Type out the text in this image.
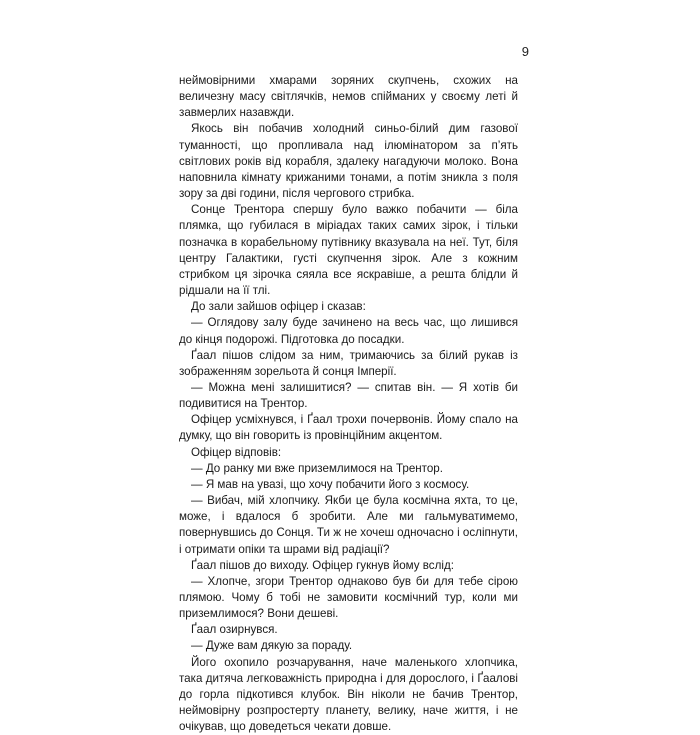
9

неймовірними хмарами зоряних скупчень, схожих на величезну масу світлячків, немов спійманих у своєму леті й завмерлих назавжди.

Якось він побачив холодний синьо-білий дим газової туманності, що пропливала над ілюмінатором за п’ять світлових років від корабля, здалеку нагадуючи молоко. Вона наповнила кімнату крижаними тонами, а потім зникла з поля зору за дві години, після чергового стрибка.

Сонце Трентора спершу було важко побачити — біла плямка, що губилася в міріадах таких самих зірок, і тільки позначка в корабельному путівнику вказувала на неї. Тут, біля центру Галактики, густі скупчення зірок. Але з кожним стрибком ця зірочка сяяла все яскравіше, а решта блідли й рідшали на її тлі.

До зали зайшов офіцер і сказав:

— Оглядову залу буде зачинено на весь час, що лишився до кінця подорожі. Підготовка до посадки.

Ґаал пішов слідом за ним, тримаючись за білий рукав із зображенням зорельота й сонця Імперії.

— Можна мені залишитися? — спитав він. — Я хотів би подивитися на Трентор.

Офіцер усміхнувся, і Ґаал трохи почервонів. Йому спало на думку, що він говорить із провінційним акцентом.

Офіцер відповів:

— До ранку ми вже приземлимося на Трентор.

— Я мав на увазі, що хочу побачити його з космосу.

— Вибач, мій хлопчику. Якби це була космічна яхта, то це, може, і вдалося б зробити. Але ми гальмуватимемо, повернувшись до Сонця. Ти ж не хочеш одночасно і осліпнути, і отримати опіки та шрами від радіації?

Ґаал пішов до виходу. Офіцер гукнув йому вслід:

— Хлопче, згори Трентор однаково був би для тебе сірою плямою. Чому б тобі не замовити космічний тур, коли ми приземлимося? Вони дешеві.

Ґаал озирнувся.

— Дуже вам дякую за пораду.

Його охопило розчарування, наче маленького хлопчика, така дитяча легковажність природна і для дорослого, і Ґаалові до горла підкотився клубок. Він ніколи не бачив Трентор, неймовірну розпростерту планету, велику, наче життя, і не очікував, що доведеться чекати довше.
